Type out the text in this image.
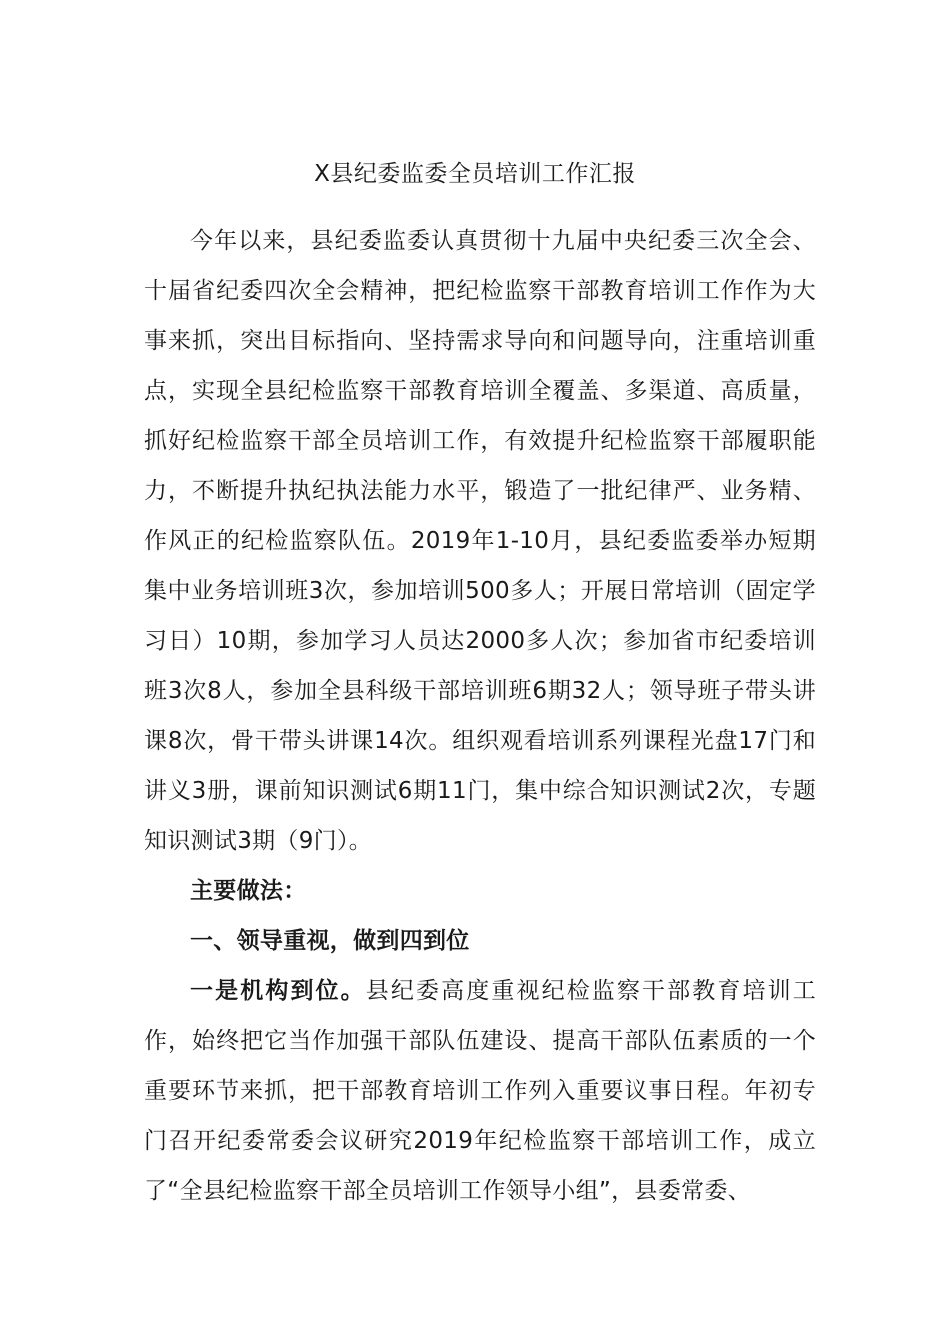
X县纪委监委全员培训工作汇报

今年以来，县纪委监委认真贯彻十九届中央纪委三次全会、十届省纪委四次全会精神，把纪检监察干部教育培训工作作为大事来抓，突出目标指向、坚持需求导向和问题导向，注重培训重点，实现全县纪检监察干部教育培训全覆盖、多渠道、高质量，抓好纪检监察干部全员培训工作，有效提升纪检监察干部履职能力，不断提升执纪执法能力水平，锻造了一批纪律严、业务精、作风正的纪检监察队伍。2019年1-10月，县纪委监委举办短期集中业务培训班3次，参加培训500多人；开展日常培训（固定学习日）10期，参加学习人员达2000多人次；参加省市纪委培训班3次8人，参加全县科级干部培训班6期32人；领导班子带头讲课8次，骨干带头讲课14次。组织观看培训系列课程光盘17门和讲义3册，课前知识测试6期11门，集中综合知识测试2次，专题知识测试3期（9门）。

主要做法：

一、领导重视，做到四到位

一是机构到位。县纪委高度重视纪检监察干部教育培训工作，始终把它当作加强干部队伍建设、提高干部队伍素质的一个重要环节来抓，把干部教育培训工作列入重要议事日程。年初专门召开纪委常委会议研究2019年纪检监察干部培训工作，成立了“全县纪检监察干部全员培训工作领导小组”，县委常委、
